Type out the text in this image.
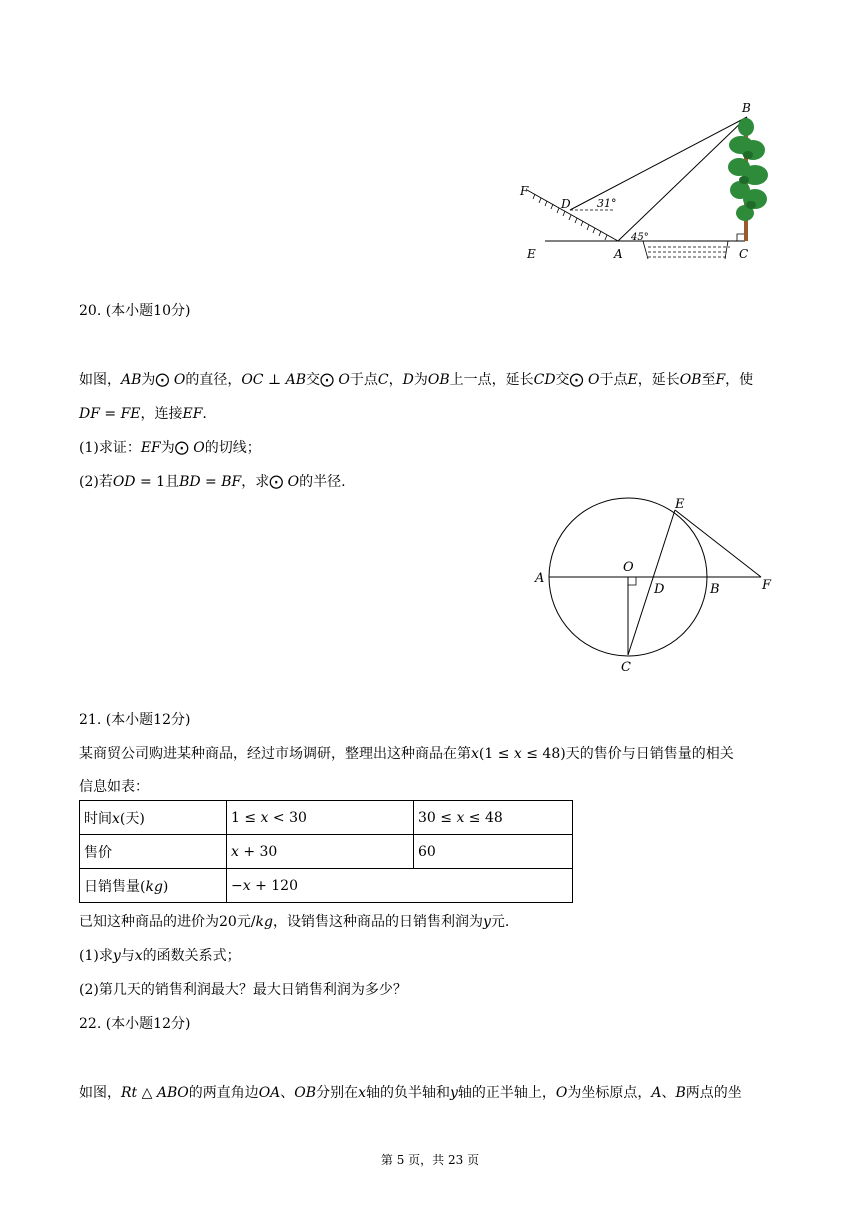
B
F
D 31°
45°
E	A	C
20. (本小题10分)
如图，𝐴𝐵为⨀ 𝑂的直径，𝑂𝐶 ⊥ 𝐴𝐵交⨀ 𝑂于点𝐶，𝐷为𝑂𝐵上一点，延长𝐶𝐷交⨀ 𝑂于点𝐸，延长𝑂𝐵至𝐹，使
𝐷𝐹 = 𝐹𝐸，连接𝐸𝐹.
(1)求证：𝐸𝐹为⨀ 𝑂的切线；
(2)若𝑂𝐷 = 1且𝐵𝐷 = 𝐵𝐹，求⨀ 𝑂的半径.
E
A
O
D	B	F
C
21. (本小题12分)
某商贸公司购进某种商品，经过市场调研，整理出这种商品在第𝑥(1 ≤ 𝑥 ≤ 48)天的售价与日销售量的相关
信息如表：
时间𝑥(天)	1 ≤ 𝑥 < 30	30 ≤ 𝑥 ≤ 48
售价	𝑥 + 30	60
日销售量(𝑘𝑔)	−𝑥 + 120	
已知这种商品的进价为20元/𝑘𝑔，设销售这种商品的日销售利润为𝑦元.
(1)求𝑦与𝑥的函数关系式；
(2)第几天的销售利润最大？最大日销售利润为多少？
22. (本小题12分)
如图，𝑅𝑡 △ 𝐴𝐵𝑂的两直角边𝑂𝐴、𝑂𝐵分别在𝑥轴的负半轴和𝑦轴的正半轴上，𝑂为坐标原点，𝐴、𝐵两点的坐
第 5 页，共 23 页
